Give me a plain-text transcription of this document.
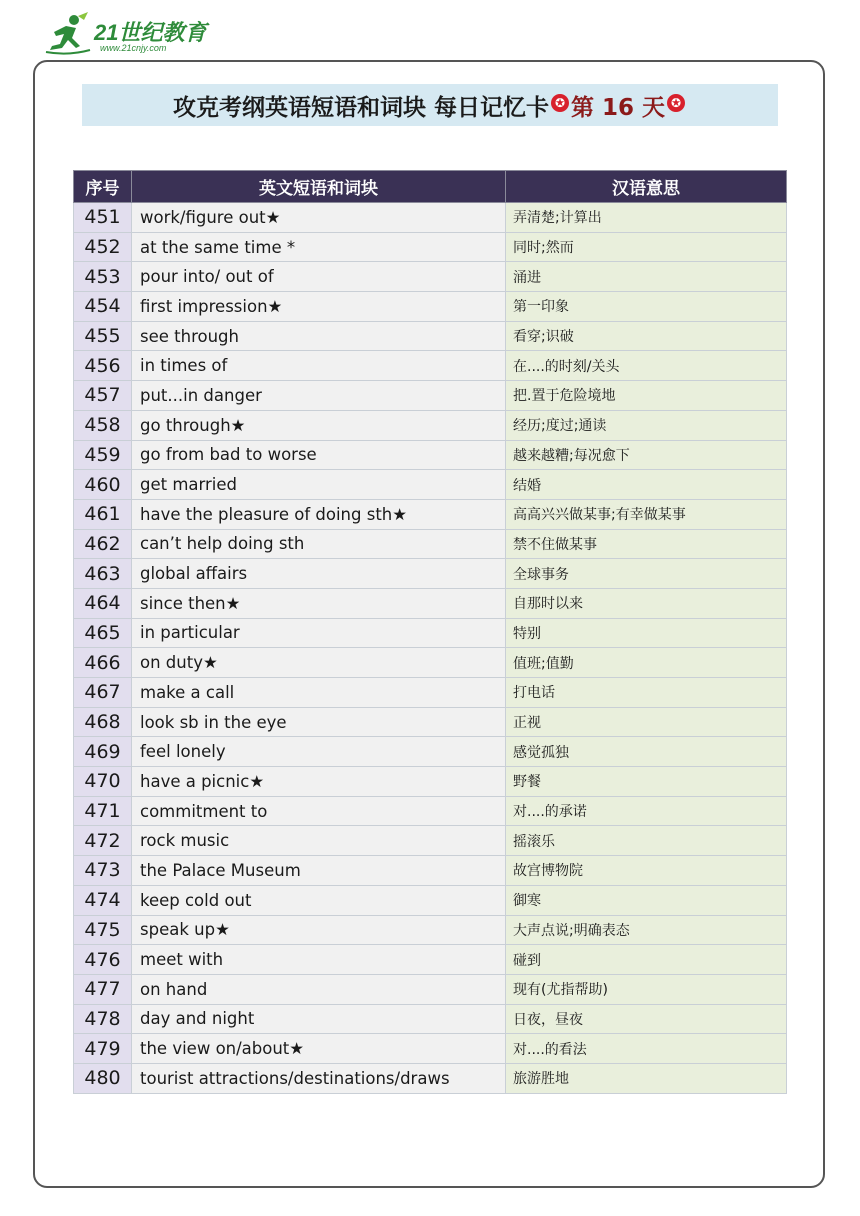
21世纪教育
www.21cnjy.com
攻克考纲英语短语和词块 每日记忆卡 ✪ 第 16 天 ✪
序号	英文短语和词块	汉语意思
451	work/figure out★	弄清楚;计算出
452	at the same time *	同时;然而
453	pour into/ out of	涌进
454	first impression★	第一印象
455	see through	看穿;识破
456	in times of	在....的时刻/关头
457	put...in danger	把.置于危险境地
458	go through★	经历;度过;通读
459	go from bad to worse	越来越糟;每况愈下
460	get married	结婚
461	have the pleasure of doing sth★	高高兴兴做某事;有幸做某事
462	can’t help doing sth	禁不住做某事
463	global affairs	全球事务
464	since then★	自那时以来
465	in particular	特别
466	on duty★	值班;值勤
467	make a call	打电话
468	look sb in the eye	正视
469	feel lonely	感觉孤独
470	have a picnic★	野餐
471	commitment to	对....的承诺
472	rock music	摇滚乐
473	the Palace Museum	故宫博物院
474	keep cold out	御寒
475	speak up★	大声点说;明确表态
476	meet with	碰到
477	on hand	现有(尤指帮助)
478	day and night	日夜，昼夜
479	the view on/about★	对....的看法
480	tourist attractions/destinations/draws	旅游胜地
